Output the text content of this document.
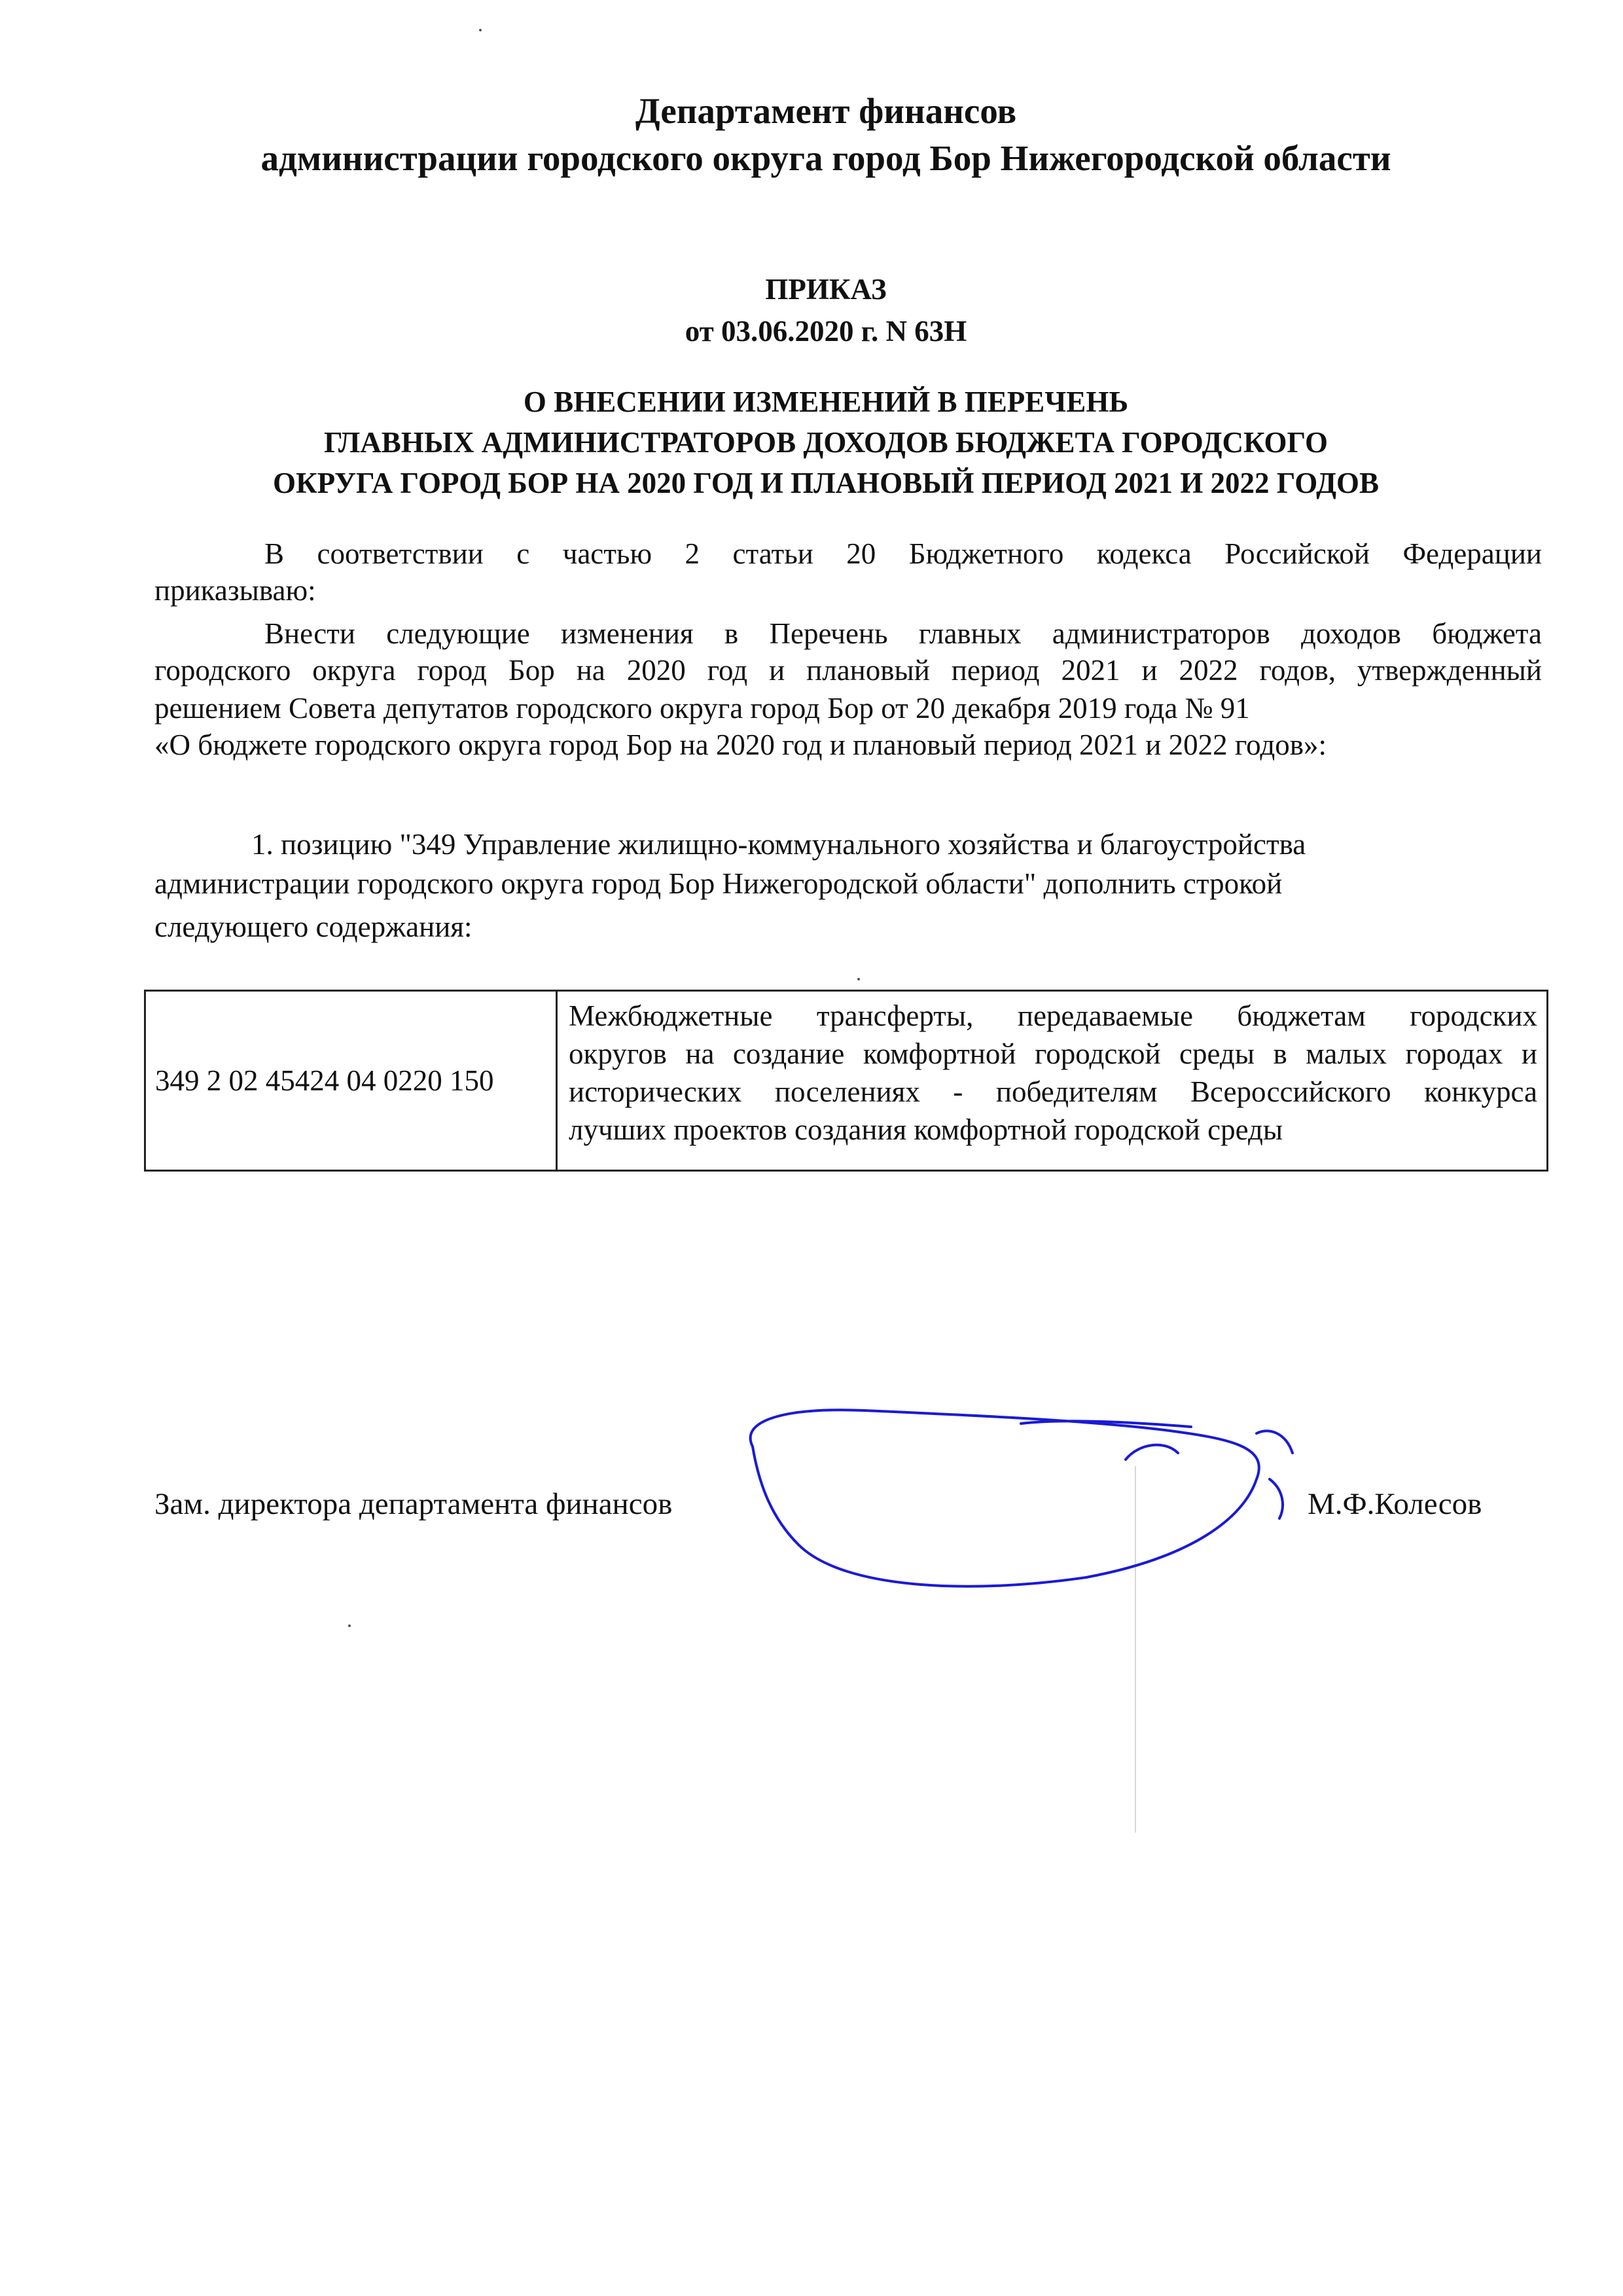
Департамент финансов
администрации городского округа город Бор Нижегородской области
ПРИКАЗ
от 03.06.2020 г. N 63Н
О ВНЕСЕНИИ ИЗМЕНЕНИЙ В ПЕРЕЧЕНЬ
ГЛАВНЫХ АДМИНИСТРАТОРОВ ДОХОДОВ БЮДЖЕТА ГОРОДСКОГО
ОКРУГА ГОРОД БОР НА 2020 ГОД И ПЛАНОВЫЙ ПЕРИОД 2021 И 2022 ГОДОВ
В соответствии с частью 2 статьи 20 Бюджетного кодекса Российской Федерации
приказываю:
Внести следующие изменения в Перечень главных администраторов доходов бюджета
городского округа город Бор на 2020 год и плановый период 2021 и 2022 годов, утвержденный
решением Совета депутатов городского округа город Бор от 20 декабря 2019 года № 91
«О бюджете городского округа город Бор на 2020 год и плановый период 2021 и 2022 годов»:
1. позицию "349 Управление жилищно-коммунального хозяйства и благоустройства
администрации городского округа город Бор Нижегородской области" дополнить строкой
следующего содержания:
349 2 02 45424 04 0220 150
Межбюджетные трансферты, передаваемые бюджетам городских
округов на создание комфортной городской среды в малых городах и
исторических поселениях - победителям Всероссийского конкурса
лучших проектов создания комфортной городской среды
Зам. директора департамента финансов	М.Ф.Колесов
